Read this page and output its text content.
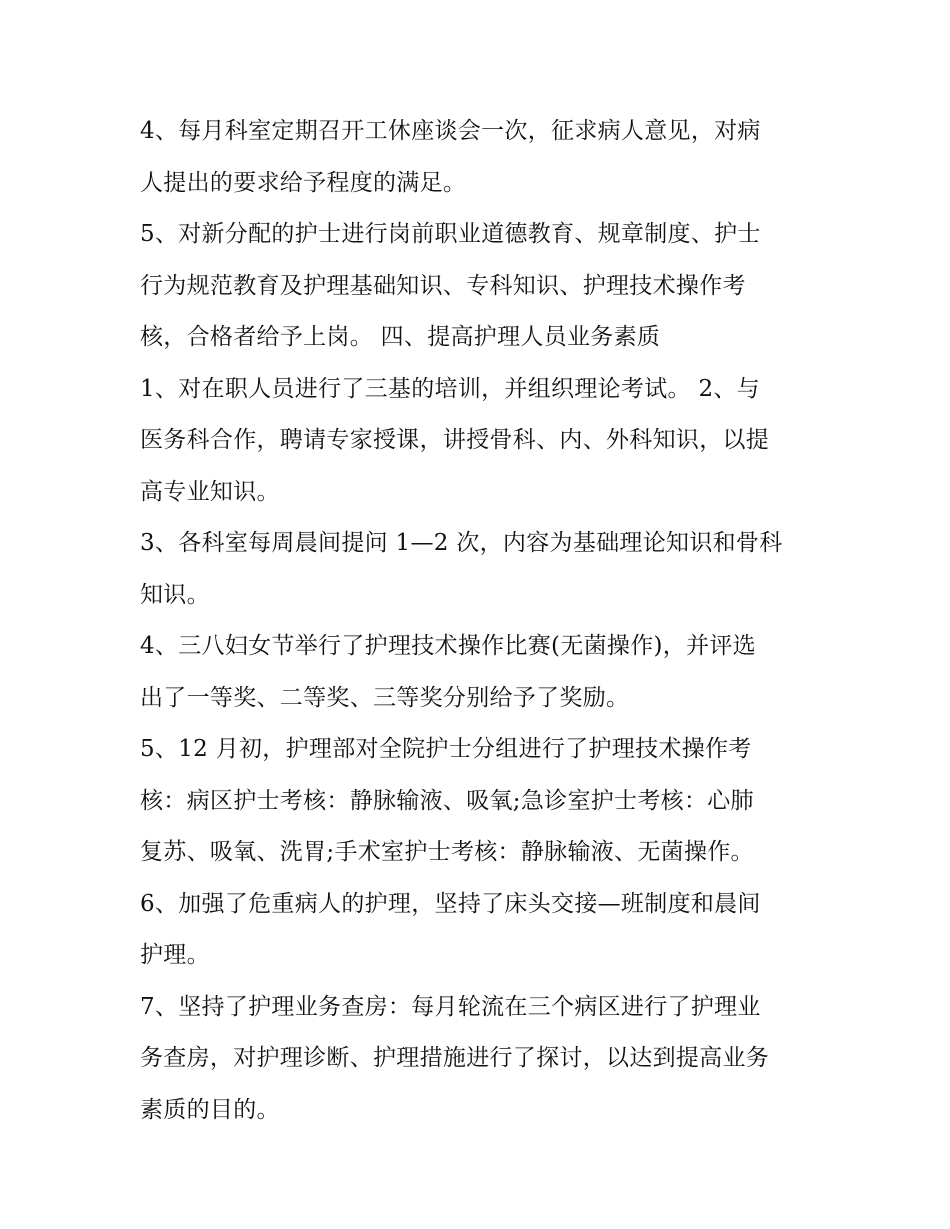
4、每月科室定期召开工休座谈会一次，征求病人意见，对病
人提出的要求给予程度的满足。
5、对新分配的护士进行岗前职业道德教育、规章制度、护士
行为规范教育及护理基础知识、专科知识、护理技术操作考
核，合格者给予上岗。 四、提高护理人员业务素质
1、对在职人员进行了三基的培训，并组织理论考试。 2、与
医务科合作，聘请专家授课，讲授骨科、内、外科知识，以提
高专业知识。
3、各科室每周晨间提问 1—2 次，内容为基础理论知识和骨科
知识。
4、三八妇女节举行了护理技术操作比赛(无菌操作)，并评选
出了一等奖、二等奖、三等奖分别给予了奖励。
5、12 月初，护理部对全院护士分组进行了护理技术操作考
核：病区护士考核：静脉输液、吸氧;急诊室护士考核：心肺
复苏、吸氧、洗胃;手术室护士考核：静脉输液、无菌操作。
6、加强了危重病人的护理，坚持了床头交接—班制度和晨间
护理。
7、坚持了护理业务查房：每月轮流在三个病区进行了护理业
务查房，对护理诊断、护理措施进行了探讨，以达到提高业务
素质的目的。
